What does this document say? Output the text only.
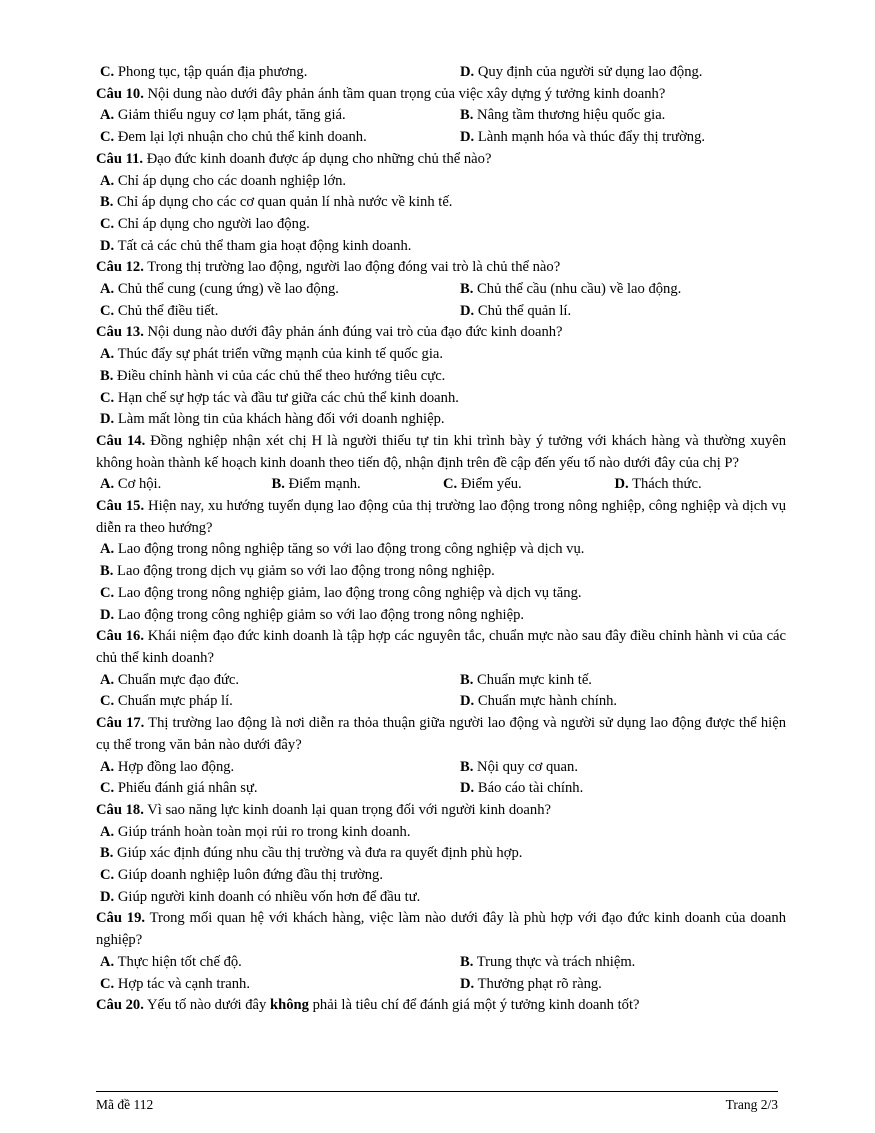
C. Phong tục, tập quán địa phương.	D. Quy định của người sử dụng lao động.
Câu 10. Nội dung nào dưới đây phản ánh tầm quan trọng của việc xây dựng ý tưởng kinh doanh?
A. Giảm thiểu nguy cơ lạm phát, tăng giá.	B. Nâng tầm thương hiệu quốc gia.
C. Đem lại lợi nhuận cho chủ thể kinh doanh.	D. Lành mạnh hóa và thúc đẩy thị trường.
Câu 11. Đạo đức kinh doanh được áp dụng cho những chủ thể nào?
A. Chỉ áp dụng cho các doanh nghiệp lớn.
B. Chỉ áp dụng cho các cơ quan quản lí nhà nước về kinh tế.
C. Chỉ áp dụng cho người lao động.
D. Tất cả các chủ thể tham gia hoạt động kinh doanh.
Câu 12. Trong thị trường lao động, người lao động đóng vai trò là chủ thể nào?
A. Chủ thể cung (cung ứng) về lao động.	B. Chủ thể cầu (nhu cầu) về lao động.
C. Chủ thể điều tiết.	D. Chủ thể quản lí.
Câu 13. Nội dung nào dưới đây phản ánh đúng vai trò của đạo đức kinh doanh?
A. Thúc đẩy sự phát triển vững mạnh của kinh tế quốc gia.
B. Điều chỉnh hành vi của các chủ thể theo hướng tiêu cực.
C. Hạn chế sự hợp tác và đầu tư giữa các chủ thể kinh doanh.
D. Làm mất lòng tin của khách hàng đối với doanh nghiệp.
Câu 14. Đồng nghiệp nhận xét chị H là người thiếu tự tin khi trình bày ý tưởng với khách hàng và thường xuyên không hoàn thành kế hoạch kinh doanh theo tiến độ, nhận định trên đề cập đến yếu tố nào dưới đây của chị P?
A. Cơ hội.	B. Điểm mạnh.	C. Điểm yếu.	D. Thách thức.
Câu 15. Hiện nay, xu hướng tuyển dụng lao động của thị trường lao động trong nông nghiệp, công nghiệp và dịch vụ diễn ra theo hướng?
A. Lao động trong nông nghiệp tăng so với lao động trong công nghiệp và dịch vụ.
B. Lao động trong dịch vụ giảm so với lao động trong nông nghiệp.
C. Lao động trong nông nghiệp giảm, lao động trong công nghiệp và dịch vụ tăng.
D. Lao động trong công nghiệp giảm so với lao động trong nông nghiệp.
Câu 16. Khái niệm đạo đức kinh doanh là tập hợp các nguyên tắc, chuẩn mực nào sau đây điều chỉnh hành vi của các chủ thể kinh doanh?
A. Chuẩn mực đạo đức.	B. Chuẩn mực kinh tế.
C. Chuẩn mực pháp lí.	D. Chuẩn mực hành chính.
Câu 17. Thị trường lao động là nơi diễn ra thỏa thuận giữa người lao động và người sử dụng lao động được thể hiện cụ thể trong văn bản nào dưới đây?
A. Hợp đồng lao động.	B. Nội quy cơ quan.
C. Phiếu đánh giá nhân sự.	D. Báo cáo tài chính.
Câu 18. Vì sao năng lực kinh doanh lại quan trọng đối với người kinh doanh?
A. Giúp tránh hoàn toàn mọi rủi ro trong kinh doanh.
B. Giúp xác định đúng nhu cầu thị trường và đưa ra quyết định phù hợp.
C. Giúp doanh nghiệp luôn đứng đầu thị trường.
D. Giúp người kinh doanh có nhiều vốn hơn để đầu tư.
Câu 19. Trong mối quan hệ với khách hàng, việc làm nào dưới đây là phù hợp với đạo đức kinh doanh của doanh nghiệp?
A. Thực hiện tốt chế độ.	B. Trung thực và trách nhiệm.
C. Hợp tác và cạnh tranh.	D. Thưởng phạt rõ ràng.
Câu 20. Yếu tố nào dưới đây không phải là tiêu chí để đánh giá một ý tưởng kinh doanh tốt?
Mã đề 112	Trang 2/3
